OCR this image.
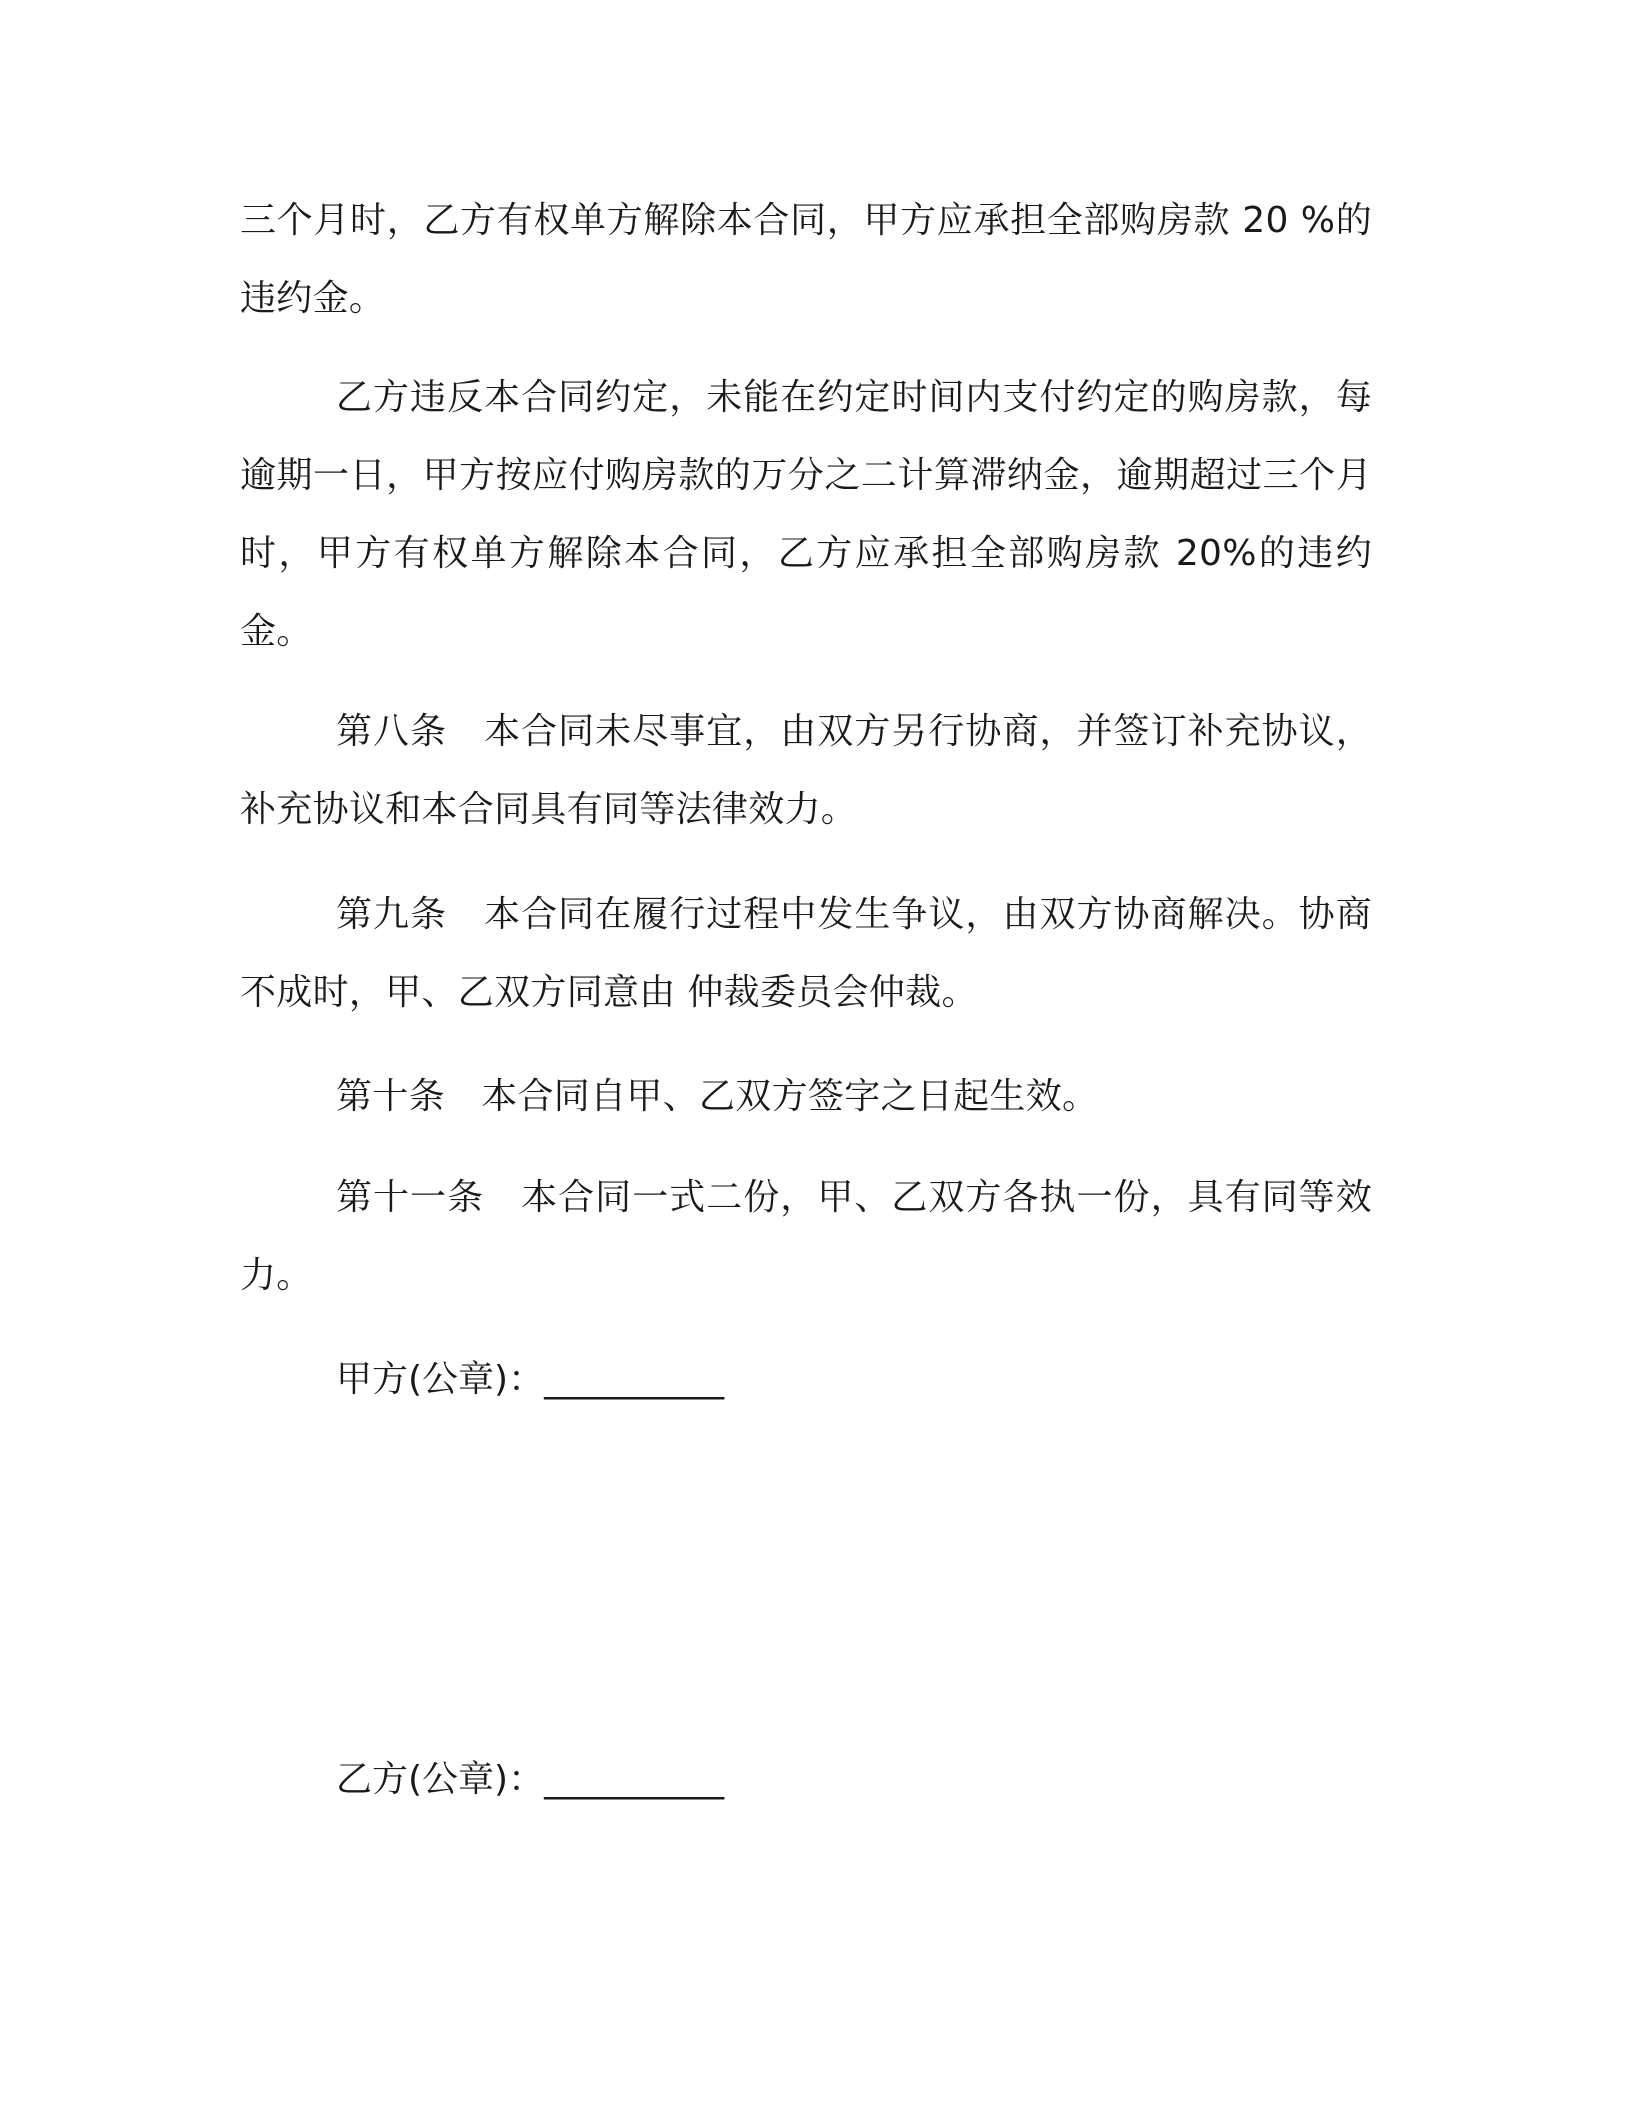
三个月时，乙方有权单方解除本合同，甲方应承担全部购房款 20 %的违约金。

乙方违反本合同约定，未能在约定时间内支付约定的购房款，每逾期一日，甲方按应付购房款的万分之二计算滞纳金，逾期超过三个月时，甲方有权单方解除本合同，乙方应承担全部购房款 20%的违约金。

第八条　本合同未尽事宜，由双方另行协商，并签订补充协议，补充协议和本合同具有同等法律效力。

第九条　本合同在履行过程中发生争议，由双方协商解决。协商不成时，甲、乙双方同意由 仲裁委员会仲裁。

第十条　本合同自甲、乙双方签字之日起生效。

第十一条　本合同一式二份，甲、乙双方各执一份，具有同等效力。

甲方(公章)：__________

乙方(公章)：__________
